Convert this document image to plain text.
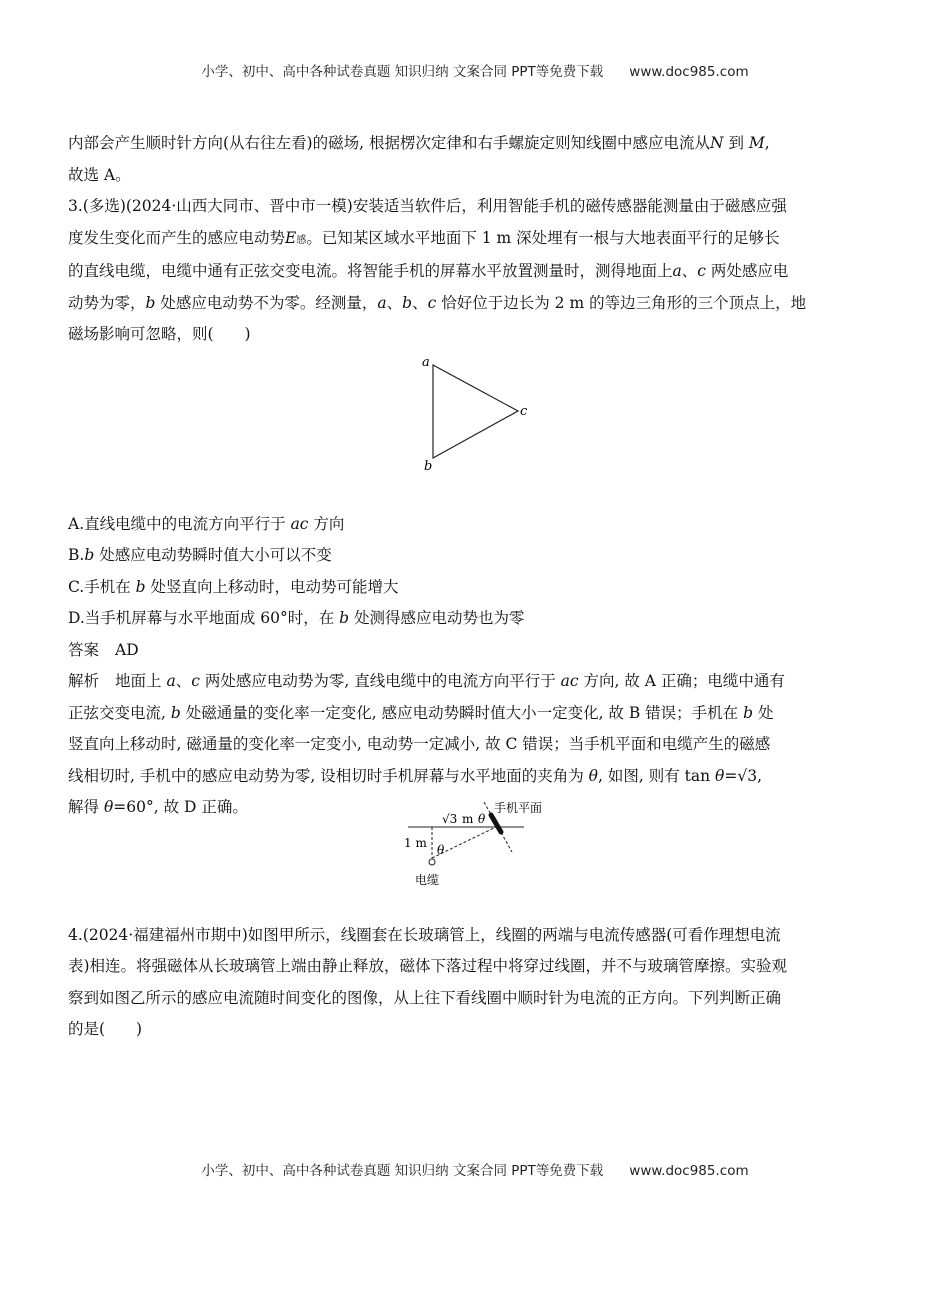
小学、初中、高中各种试卷真题 知识归纳 文案合同 PPT等免费下载 www.doc985.com

内部会产生顺时针方向(从右往左看)的磁场, 根据楞次定律和右手螺旋定则知线圈中感应电流从N 到 M,

故选 A。

3.(多选)(2024·山西大同市、晋中市一模)安装适当软件后，利用智能手机的磁传感器能测量由于磁感应强

度发生变化而产生的感应电动势E感。已知某区域水平地面下 1 m 深处埋有一根与大地表面平行的足够长

的直线电缆，电缆中通有正弦交变电流。将智能手机的屏幕水平放置测量时，测得地面上a、c 两处感应电

动势为零，b 处感应电动势不为零。经测量，a、b、c 恰好位于边长为 2 m 的等边三角形的三个顶点上，地

磁场影响可忽略，则(　　)

A.直线电缆中的电流方向平行于 ac 方向

B.b 处感应电动势瞬时值大小可以不变

C.手机在 b 处竖直向上移动时，电动势可能增大

D.当手机屏幕与水平地面成 60°时，在 b 处测得感应电动势也为零

答案 AD

解析 地面上 a、c 两处感应电动势为零, 直线电缆中的电流方向平行于 ac 方向, 故 A 正确；电缆中通有

正弦交变电流, b 处磁通量的变化率一定变化, 感应电动势瞬时值大小一定变化, 故 B 错误；手机在 b 处

竖直向上移动时, 磁通量的变化率一定变小, 电动势一定减小, 故 C 错误；当手机平面和电缆产生的磁感

线相切时, 手机中的感应电动势为零, 设相切时手机屏幕与水平地面的夹角为 θ, 如图, 则有 tan θ=√3,

解得 θ=60°, 故 D 正确。

4.(2024·福建福州市期中)如图甲所示，线圈套在长玻璃管上，线圈的两端与电流传感器(可看作理想电流

表)相连。将强磁体从长玻璃管上端由静止释放，磁体下落过程中将穿过线圈，并不与玻璃管摩擦。实验观

察到如图乙所示的感应电流随时间变化的图像，从上往下看线圈中顺时针为电流的正方向。下列判断正确

的是(　　)

a
b
c
手机平面
√3 m θ
1 m θ
电缆
小学、初中、高中各种试卷真题 知识归纳 文案合同 PPT等免费下载 www.doc985.com
